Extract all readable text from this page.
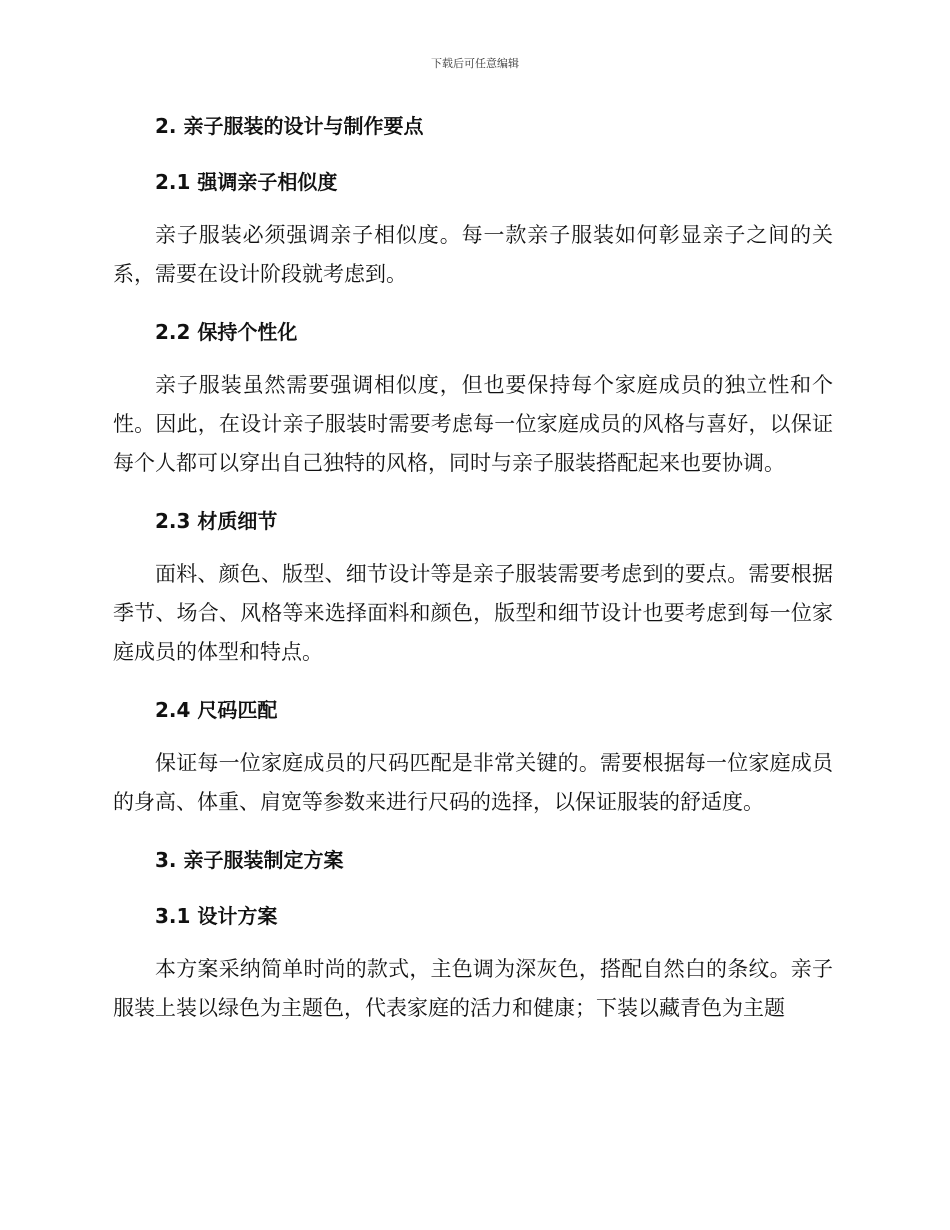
下载后可任意编辑
2. 亲子服装的设计与制作要点
2.1 强调亲子相似度

亲子服装必须强调亲子相似度。每一款亲子服装如何彰显亲子之间的关系，需要在设计阶段就考虑到。

2.2 保持个性化

亲子服装虽然需要强调相似度，但也要保持每个家庭成员的独立性和个性。因此，在设计亲子服装时需要考虑每一位家庭成员的风格与喜好，以保证每个人都可以穿出自己独特的风格，同时与亲子服装搭配起来也要协调。

2.3 材质细节

面料、颜色、版型、细节设计等是亲子服装需要考虑到的要点。需要根据季节、场合、风格等来选择面料和颜色，版型和细节设计也要考虑到每一位家庭成员的体型和特点。

2.4 尺码匹配

保证每一位家庭成员的尺码匹配是非常关键的。需要根据每一位家庭成员的身高、体重、肩宽等参数来进行尺码的选择，以保证服装的舒适度。

3. 亲子服装制定方案
3.1 设计方案

本方案采纳简单时尚的款式，主色调为深灰色，搭配自然白的条纹。亲子服装上装以绿色为主题色，代表家庭的活力和健康；下装以藏青色为主题
